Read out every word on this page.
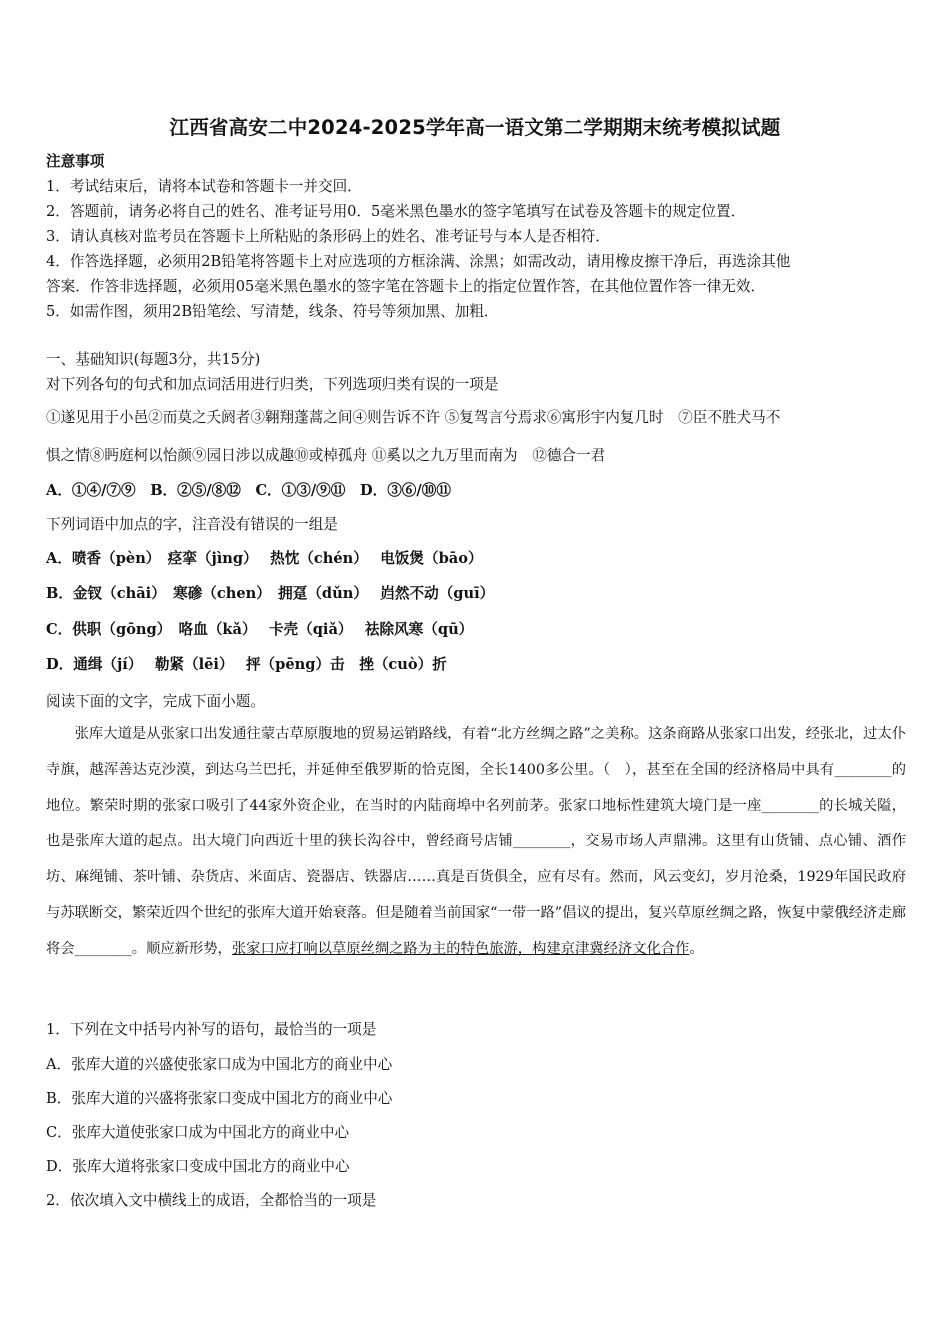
江西省高安二中2024-2025学年高一语文第二学期期末统考模拟试题
注意事项
1．考试结束后，请将本试卷和答题卡一并交回．
2．答题前，请务必将自己的姓名、准考证号用0．5毫米黑色墨水的签字笔填写在试卷及答题卡的规定位置．
3．请认真核对监考员在答题卡上所粘贴的条形码上的姓名、准考证号与本人是否相符．
4．作答选择题，必须用2B铅笔将答题卡上对应选项的方框涂满、涂黑；如需改动，请用橡皮擦干净后，再选涂其他
答案．作答非选择题，必须用05毫米黑色墨水的签字笔在答题卡上的指定位置作答，在其他位置作答一律无效．
5．如需作图，须用2B铅笔绘、写清楚，线条、符号等须加黑、加粗．
一、基础知识(每题3分，共15分)
对下列各句的句式和加点词活用进行归类，下列选项归类有误的一项是
①遂见用于小邑②而莫之夭阏者③翱翔蓬蒿之间④则告诉不许 ⑤复驾言兮焉求⑥寓形宇内复几时　⑦臣不胜犬马不
惧之情⑧眄庭柯以怡颜⑨园日涉以成趣⑩或棹孤舟 ⑪奚以之九万里而南为　⑫德合一君
A．①④/⑦⑨　B．②⑤/⑧⑫　C．①③/⑨⑪　D．③⑥/⑩⑪
下列词语中加点的字，注音没有错误的一组是
A．喷香（pèn）　痉挛（jìng）　 热忱（chén）　 电饭煲（bāo）
B．金钗（chāi）　寒碜（chen）　拥趸（dǔn）　 岿然不动（guī）
C．供职（gōng）　咯血（kǎ）　 卡壳（qiǎ）　 祛除风寒（qū）
D．通缉（jí）　 勒紧（lēi）　 抨（pēng）击　挫（cuò）折
阅读下面的文字，完成下面小题。
张库大道是从张家口出发通往蒙古草原腹地的贸易运销路线，有着“北方丝绸之路”之美称。这条商路从张家口出发，经张北，过太仆寺旗，越浑善达克沙漠，到达乌兰巴托，并延伸至俄罗斯的恰克图，全长1400多公里。（　），甚至在全国的经济格局中具有________的地位。繁荣时期的张家口吸引了44家外资企业，在当时的内陆商埠中名列前茅。张家口地标性建筑大境门是一座________的长城关隘，也是张库大道的起点。出大境门向西近十里的狭长沟谷中，曾经商号店铺________，交易市场人声鼎沸。这里有山货铺、点心铺、酒作坊、麻绳铺、茶叶铺、杂货店、米面店、瓷器店、铁器店……真是百货俱全，应有尽有。然而，风云变幻，岁月沧桑，1929年国民政府与苏联断交，繁荣近四个世纪的张库大道开始衰落。但是随着当前国家“一带一路”倡议的提出，复兴草原丝绸之路，恢复中蒙俄经济走廊将会________。顺应新形势，张家口应打响以草原丝绸之路为主的特色旅游，构建京津冀经济文化合作。
1．下列在文中括号内补写的语句，最恰当的一项是
A．张库大道的兴盛使张家口成为中国北方的商业中心
B．张库大道的兴盛将张家口变成中国北方的商业中心
C．张库大道使张家口成为中国北方的商业中心
D．张库大道将张家口变成中国北方的商业中心
2．依次填入文中横线上的成语，全都恰当的一项是
